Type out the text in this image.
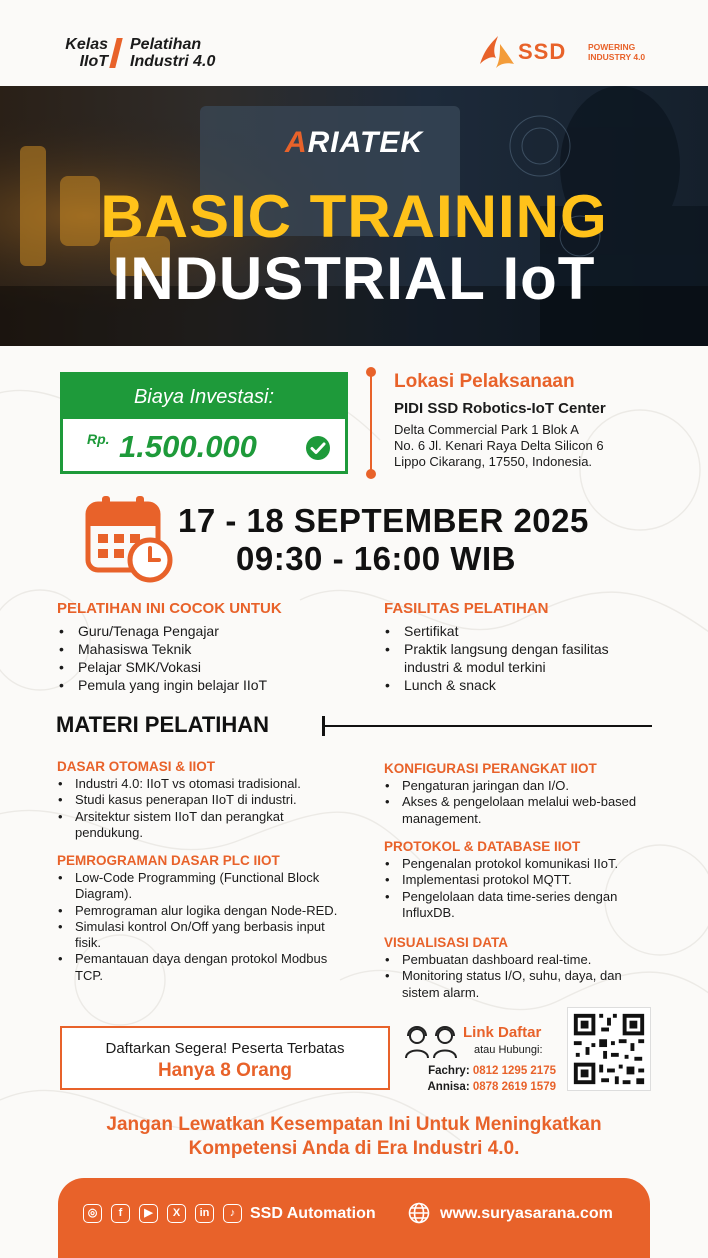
Kelas
IIoT
Pelatihan
Industri 4.0	SSD	POWERING
INDUSTRY 4.0
ARIATEK
BASIC TRAINING
INDUSTRIAL IoT
Biaya Investasi:
Rp. 1.500.000
Lokasi Pelaksanaan
PIDI SSD Robotics-IoT Center
Delta Commercial Park 1 Blok A
No. 6 Jl. Kenari Raya Delta Silicon 6
Lippo Cikarang, 17550, Indonesia.
17 - 18 SEPTEMBER 2025
09:30 - 16:00 WIB
PELATIHAN INI COCOK UNTUK
• Guru/Tenaga Pengajar
• Mahasiswa Teknik
• Pelajar SMK/Vokasi
• Pemula yang ingin belajar IIoT
FASILITAS PELATIHAN
• Sertifikat
• Praktik langsung dengan fasilitas industri & modul terkini
• Lunch & snack
MATERI PELATIHAN
DASAR OTOMASI & IIOT
• Industri 4.0: IIoT vs otomasi tradisional.
• Studi kasus penerapan IIoT di industri.
• Arsitektur sistem IIoT dan perangkat pendukung.
PEMROGRAMAN DASAR PLC IIOT
• Low-Code Programming (Functional Block Diagram).
• Pemrograman alur logika dengan Node-RED.
• Simulasi kontrol On/Off yang berbasis input fisik.
• Pemantauan daya dengan protokol Modbus TCP.
KONFIGURASI PERANGKAT IIOT
• Pengaturan jaringan dan I/O.
• Akses & pengelolaan melalui web-based management.
PROTOKOL & DATABASE IIOT
• Pengenalan protokol komunikasi IIoT.
• Implementasi protokol MQTT.
• Pengelolaan data time-series dengan InfluxDB.
VISUALISASI DATA
• Pembuatan dashboard real-time.
• Monitoring status I/O, suhu, daya, dan sistem alarm.
Daftarkan Segera! Peserta Terbatas
Hanya 8 Orang
Link Daftar
atau Hubungi:
Fachry: 0812 1295 2175
Annisa: 0878 2619 1579
Jangan Lewatkan Kesempatan Ini Untuk Meningkatkan
Kompetensi Anda di Era Industri 4.0.
◎	f	▶	X	in	♪ SSD Automation	www.suryasarana.com
